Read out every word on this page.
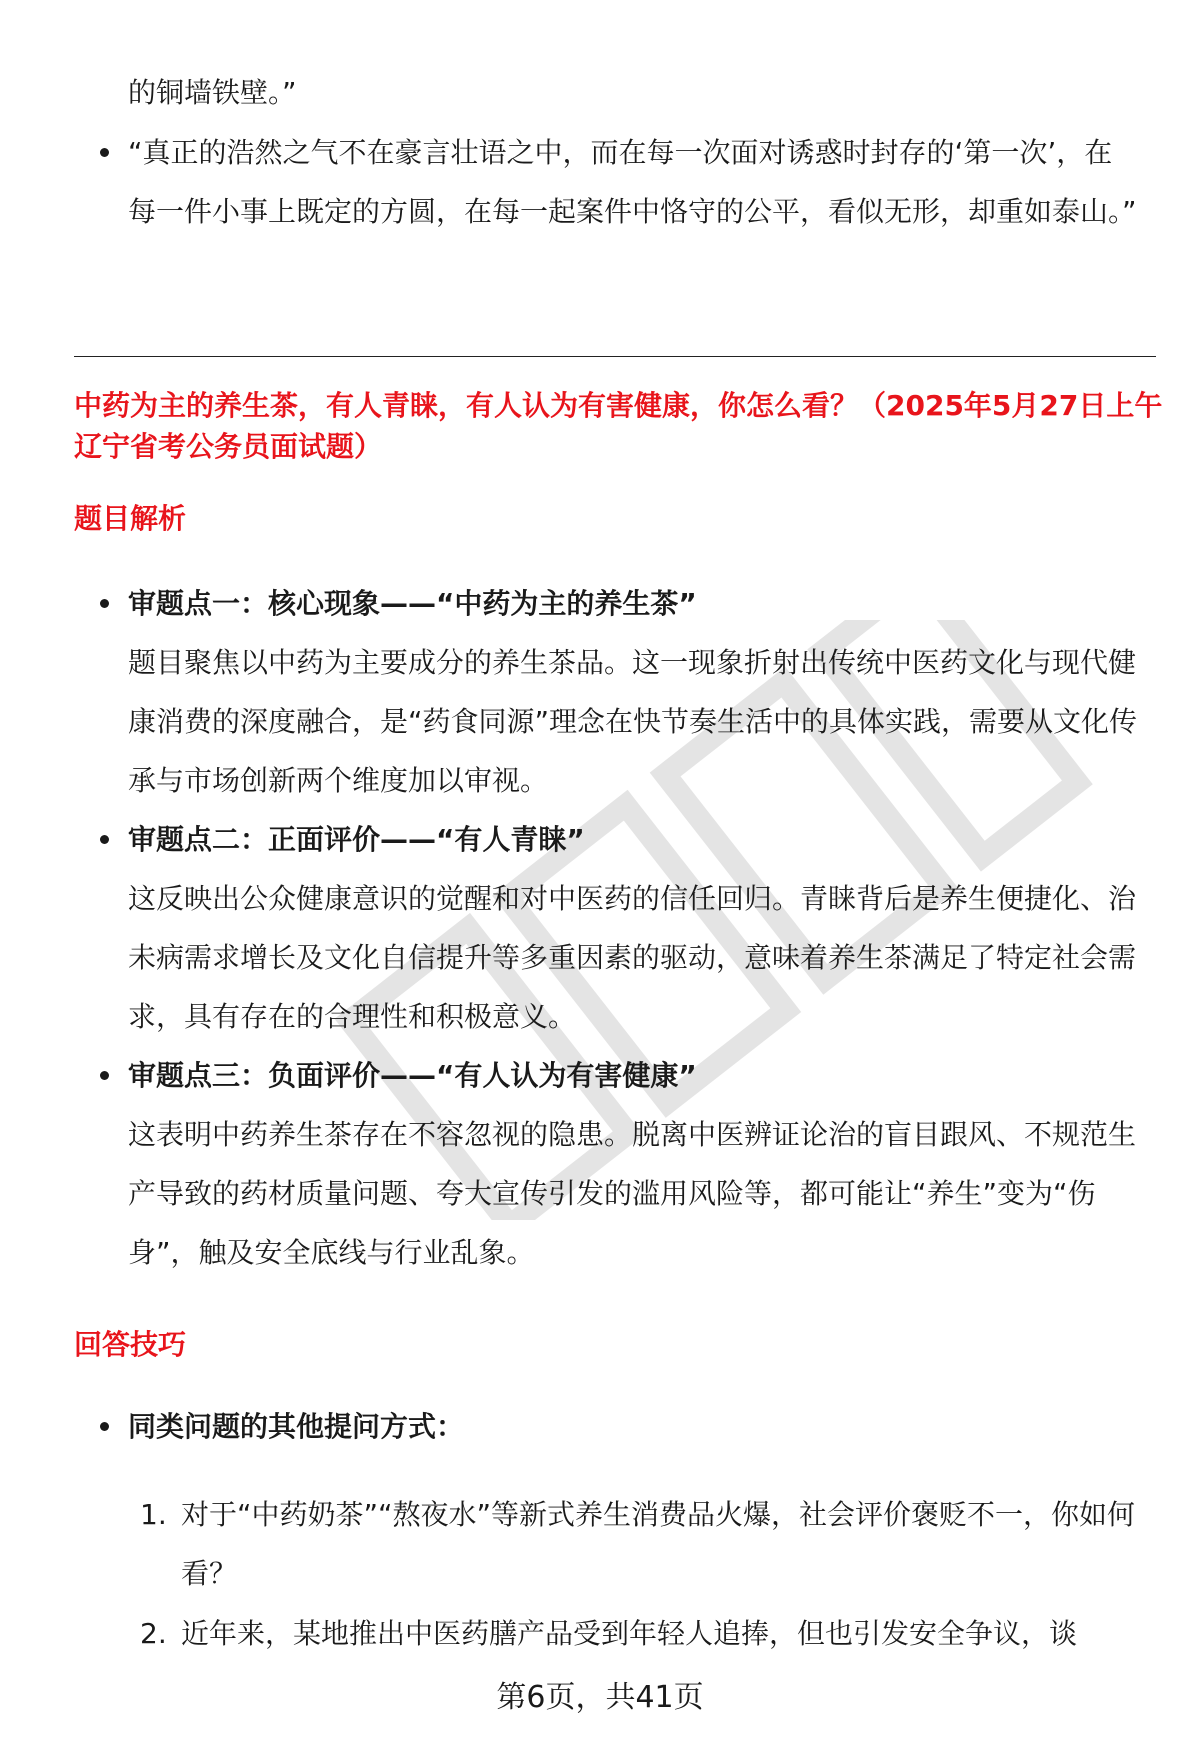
的铜墙铁壁。”

“真正的浩然之气不在豪言壮语之中，而在每一次面对诱惑时封存的‘第一次’，在每一件小事上既定的方圆，在每一起案件中恪守的公平，看似无形，却重如泰山。”

中药为主的养生茶，有人青睐，有人认为有害健康，你怎么看？（2025年5月27日上午辽宁省考公务员面试题）

题目解析

审题点一：核心现象——“中药为主的养生茶”

题目聚焦以中药为主要成分的养生茶品。这一现象折射出传统中医药文化与现代健康消费的深度融合，是“药食同源”理念在快节奏生活中的具体实践，需要从文化传承与市场创新两个维度加以审视。

审题点二：正面评价——“有人青睐”

这反映出公众健康意识的觉醒和对中医药的信任回归。青睐背后是养生便捷化、治未病需求增长及文化自信提升等多重因素的驱动，意味着养生茶满足了特定社会需求，具有存在的合理性和积极意义。

审题点三：负面评价——“有人认为有害健康”

这表明中药养生茶存在不容忽视的隐患。脱离中医辨证论治的盲目跟风、不规范生产导致的药材质量问题、夸大宣传引发的滥用风险等，都可能让“养生”变为“伤身”，触及安全底线与行业乱象。

回答技巧

同类问题的其他提问方式：

1. 对于“中药奶茶”“熬夜水”等新式养生消费品火爆，社会评价褒贬不一，你如何看？

2. 近年来，某地推出中医药膳产品受到年轻人追捧，但也引发安全争议，谈

第6页，共41页
